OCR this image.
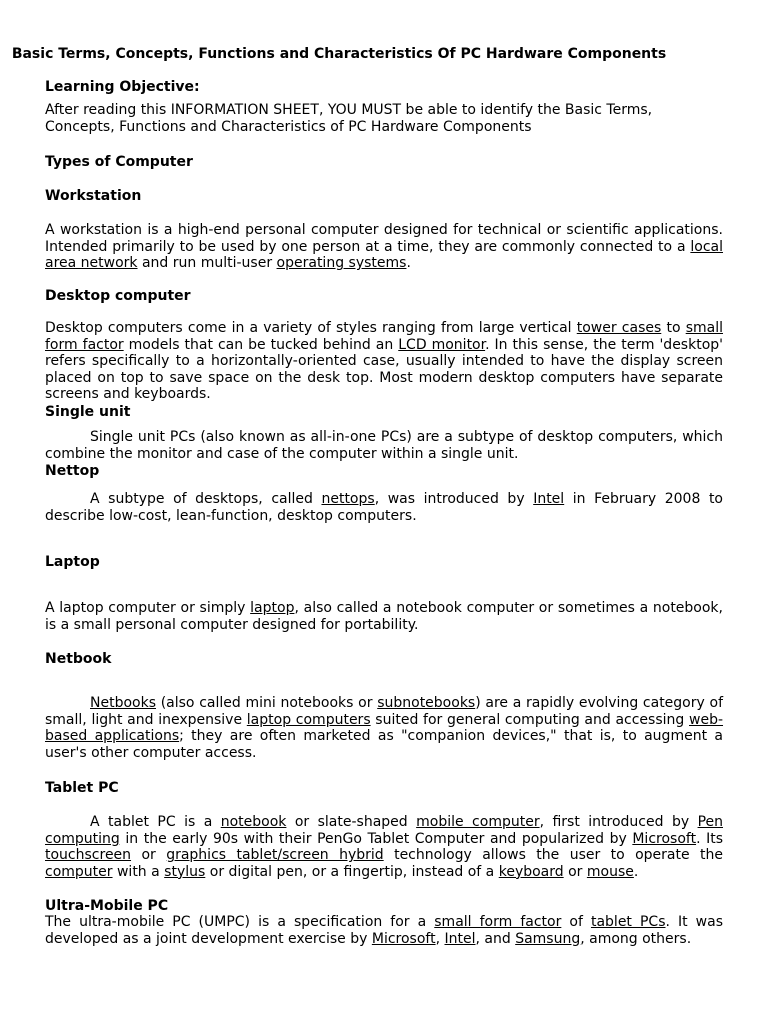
Basic Terms, Concepts, Functions and Characteristics Of PC Hardware Components
Learning Objective:
After reading this INFORMATION SHEET, YOU MUST be able to identify the Basic Terms, Concepts, Functions and Characteristics of PC Hardware Components
Types of Computer
Workstation
A workstation is a high-end personal computer designed for technical or scientific applications. Intended primarily to be used by one person at a time, they are commonly connected to a local area network and run multi-user operating systems.
Desktop computer
Desktop computers come in a variety of styles ranging from large vertical tower cases to small form factor models that can be tucked behind an LCD monitor. In this sense, the term 'desktop' refers specifically to a horizontally-oriented case, usually intended to have the display screen placed on top to save space on the desk top. Most modern desktop computers have separate screens and keyboards.
Single unit
Single unit PCs (also known as all-in-one PCs) are a subtype of desktop computers, which combine the monitor and case of the computer within a single unit.
Nettop
A subtype of desktops, called nettops, was introduced by Intel in February 2008 to describe low-cost, lean-function, desktop computers.
Laptop
A laptop computer or simply laptop, also called a notebook computer or sometimes a notebook, is a small personal computer designed for portability.
Netbook
Netbooks (also called mini notebooks or subnotebooks) are a rapidly evolving category of small, light and inexpensive laptop computers suited for general computing and accessing web-based applications; they are often marketed as "companion devices," that is, to augment a user's other computer access.
Tablet PC
A tablet PC is a notebook or slate-shaped mobile computer, first introduced by Pen computing in the early 90s with their PenGo Tablet Computer and popularized by Microsoft. Its touchscreen or graphics tablet/screen hybrid technology allows the user to operate the computer with a stylus or digital pen, or a fingertip, instead of a keyboard or mouse.
Ultra-Mobile PC
The ultra-mobile PC (UMPC) is a specification for a small form factor of tablet PCs. It was developed as a joint development exercise by Microsoft, Intel, and Samsung, among others.
